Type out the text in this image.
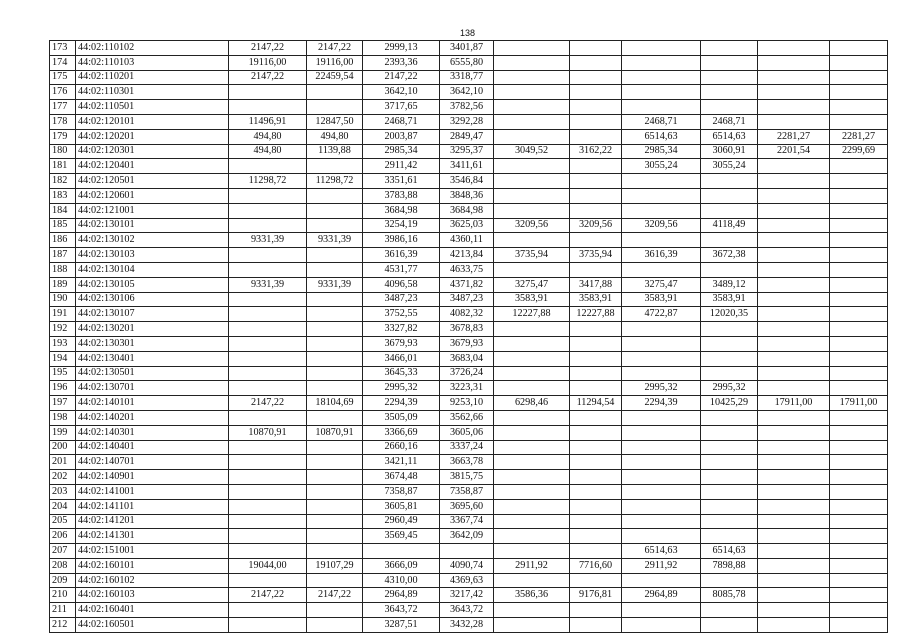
138
173	44:02:110102	2147,22	2147,22	2999,13	3401,87						
174	44:02:110103	19116,00	19116,00	2393,36	6555,80						
175	44:02:110201	2147,22	22459,54	2147,22	3318,77						
176	44:02:110301			3642,10	3642,10						
177	44:02:110501			3717,65	3782,56						
178	44:02:120101	11496,91	12847,50	2468,71	3292,28			2468,71	2468,71		
179	44:02:120201	494,80	494,80	2003,87	2849,47			6514,63	6514,63	2281,27	2281,27
180	44:02:120301	494,80	1139,88	2985,34	3295,37	3049,52	3162,22	2985,34	3060,91	2201,54	2299,69
181	44:02:120401			2911,42	3411,61			3055,24	3055,24		
182	44:02:120501	11298,72	11298,72	3351,61	3546,84						
183	44:02:120601			3783,88	3848,36						
184	44:02:121001			3684,98	3684,98						
185	44:02:130101			3254,19	3625,03	3209,56	3209,56	3209,56	4118,49		
186	44:02:130102	9331,39	9331,39	3986,16	4360,11						
187	44:02:130103			3616,39	4213,84	3735,94	3735,94	3616,39	3672,38		
188	44:02:130104			4531,77	4633,75						
189	44:02:130105	9331,39	9331,39	4096,58	4371,82	3275,47	3417,88	3275,47	3489,12		
190	44:02:130106			3487,23	3487,23	3583,91	3583,91	3583,91	3583,91		
191	44:02:130107			3752,55	4082,32	12227,88	12227,88	4722,87	12020,35		
192	44:02:130201			3327,82	3678,83						
193	44:02:130301			3679,93	3679,93						
194	44:02:130401			3466,01	3683,04						
195	44:02:130501			3645,33	3726,24						
196	44:02:130701			2995,32	3223,31			2995,32	2995,32		
197	44:02:140101	2147,22	18104,69	2294,39	9253,10	6298,46	11294,54	2294,39	10425,29	17911,00	17911,00
198	44:02:140201			3505,09	3562,66						
199	44:02:140301	10870,91	10870,91	3366,69	3605,06						
200	44:02:140401			2660,16	3337,24						
201	44:02:140701			3421,11	3663,78						
202	44:02:140901			3674,48	3815,75						
203	44:02:141001			7358,87	7358,87						
204	44:02:141101			3605,81	3695,60						
205	44:02:141201			2960,49	3367,74						
206	44:02:141301			3569,45	3642,09						
207	44:02:151001							6514,63	6514,63		
208	44:02:160101	19044,00	19107,29	3666,09	4090,74	2911,92	7716,60	2911,92	7898,88		
209	44:02:160102			4310,00	4369,63						
210	44:02:160103	2147,22	2147,22	2964,89	3217,42	3586,36	9176,81	2964,89	8085,78		
211	44:02:160401			3643,72	3643,72						
212	44:02:160501			3287,51	3432,28						
